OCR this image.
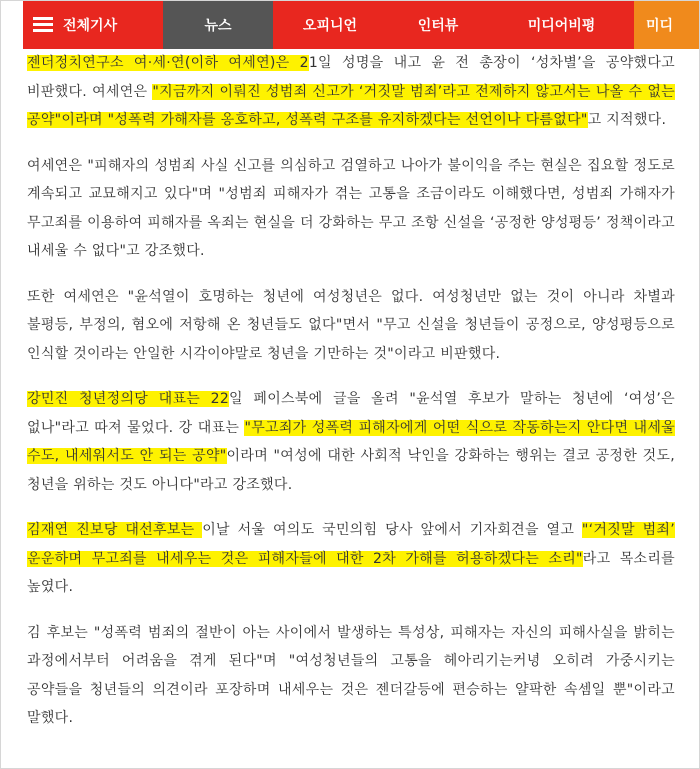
전체기사	뉴스	오피니언	인터뷰	미디어비평	미디

젠더정치연구소 여·세·연(이하 여세연)은 21일 성명을 내고 윤 전 총장이 ‘성차별’을 공약했다고 비판했다. 여세연은 "지금까지 이뤄진 성범죄 신고가 ‘거짓말 범죄’라고 전제하지 않고서는 나올 수 없는 공약"이라며 "성폭력 가해자를 옹호하고, 성폭력 구조를 유지하겠다는 선언이나 다름없다"고 지적했다.

여세연은 "피해자의 성범죄 사실 신고를 의심하고 검열하고 나아가 불이익을 주는 현실은 집요할 정도로 계속되고 교묘해지고 있다"며 "성범죄 피해자가 겪는 고통을 조금이라도 이해했다면, 성범죄 가해자가 무고죄를 이용하여 피해자를 옥죄는 현실을 더 강화하는 무고 조항 신설을 ‘공정한 양성평등’ 정책이라고 내세울 수 없다"고 강조했다.

또한 여세연은 "윤석열이 호명하는 청년에 여성청년은 없다. 여성청년만 없는 것이 아니라 차별과 불평등, 부정의, 혐오에 저항해 온 청년들도 없다"면서 "무고 신설을 청년들이 공정으로, 양성평등으로 인식할 것이라는 안일한 시각이야말로 청년을 기만하는 것"이라고 비판했다.

강민진 청년정의당 대표는 22일 페이스북에 글을 올려 "윤석열 후보가 말하는 청년에 ‘여성’은 없나"라고 따져 물었다. 강 대표는 "무고죄가 성폭력 피해자에게 어떤 식으로 작동하는지 안다면 내세울 수도, 내세워서도 안 되는 공약"이라며 "여성에 대한 사회적 낙인을 강화하는 행위는 결코 공정한 것도, 청년을 위하는 것도 아니다"라고 강조했다.

김재연 진보당 대선후보는 이날 서울 여의도 국민의힘 당사 앞에서 기자회견을 열고 "‘거짓말 범죄’ 운운하며 무고죄를 내세우는 것은 피해자들에 대한 2차 가해를 허용하겠다는 소리"라고 목소리를 높였다.

김 후보는 "성폭력 범죄의 절반이 아는 사이에서 발생하는 특성상, 피해자는 자신의 피해사실을 밝히는 과정에서부터 어려움을 겪게 된다"며 "여성청년들의 고통을 헤아리기는커녕 오히려 가중시키는 공약들을 청년들의 의견이라 포장하며 내세우는 것은 젠더갈등에 편승하는 얄팍한 속셈일 뿐"이라고 말했다.
